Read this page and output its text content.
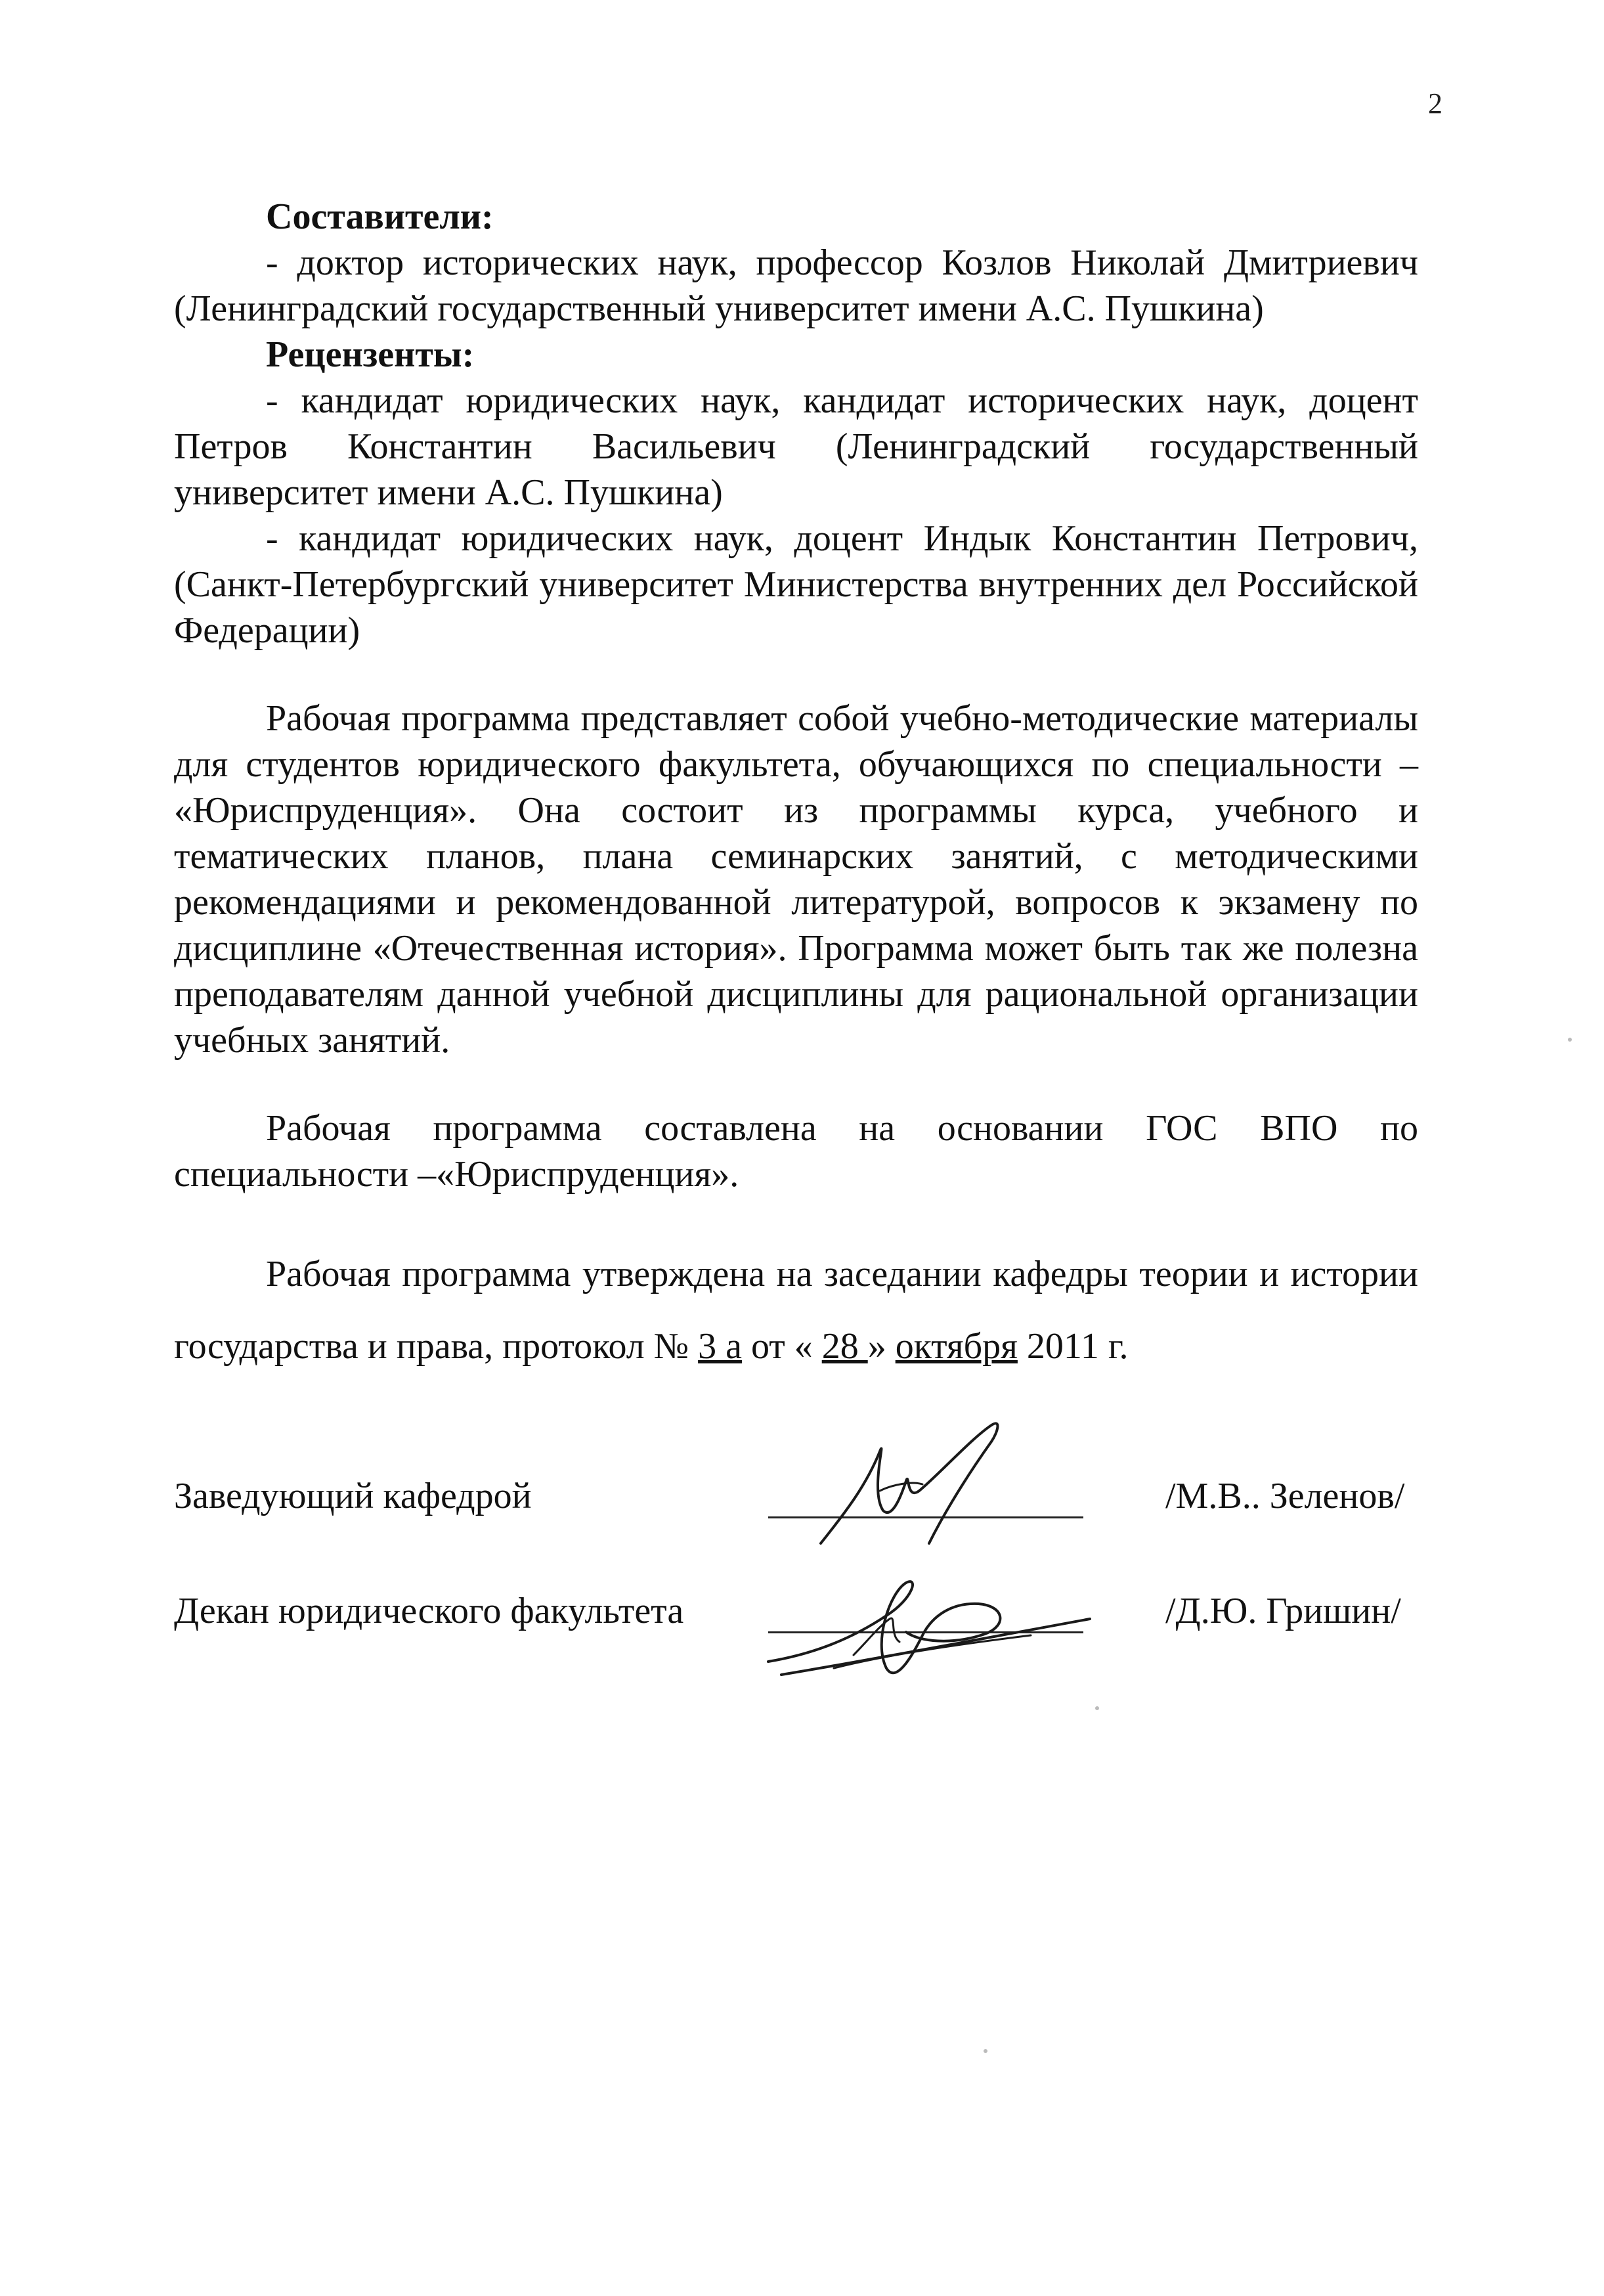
2

Составители:

- доктор исторических наук, профессор Козлов Николай Дмитриевич (Ленинградский государственный университет имени А.С. Пушкина)

Рецензенты:

- кандидат юридических наук, кандидат исторических наук, доцент Петров Константин Васильевич (Ленинградский государственный университет имени А.С. Пушкина)

- кандидат юридических наук, доцент Индык Константин Петрович, (Санкт-Петербургский университет Министерства внутренних дел Российской Федерации)

Рабочая программа представляет собой учебно-методические материалы для студентов юридического факультета, обучающихся по специальности – «Юриспруденция». Она состоит из программы курса, учебного и тематических планов, плана семинарских занятий, с методическими рекомендациями и рекомендованной литературой, вопросов к экзамену по дисциплине «Отечественная история». Программа может быть так же полезна преподавателям данной учебной дисциплины для рациональной организации учебных занятий.

Рабочая программа составлена на основании ГОС ВПО по специальности –«Юриспруденция».

Рабочая программа утверждена на заседании кафедры теории и истории государства и права, протокол № 3 а от « 28 » октября 2011 г.

Заведующий кафедрой	/М.В.. Зеленов/
Декан юридического факультета	/Д.Ю. Гришин/
